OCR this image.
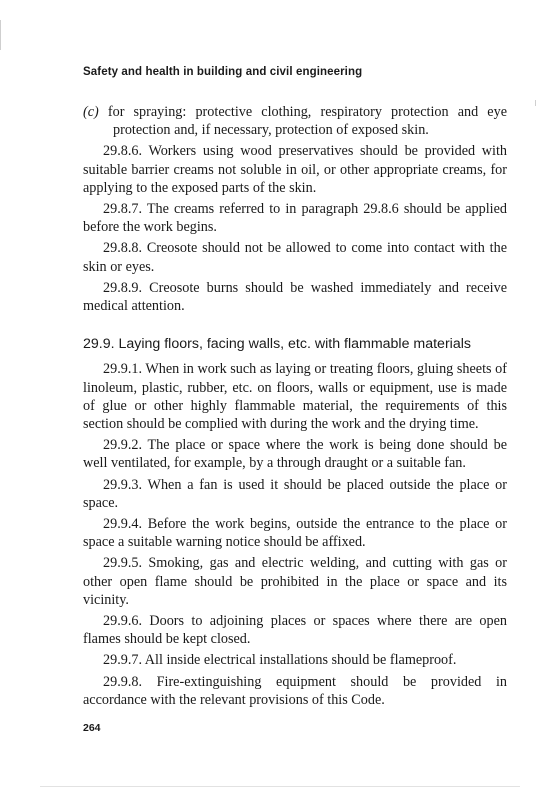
Safety and health in building and civil engineering

(c) for spraying: protective clothing, respiratory protection and eye protection and, if necessary, protection of exposed skin.

29.8.6. Workers using wood preservatives should be provided with suitable barrier creams not soluble in oil, or other appropriate creams, for applying to the exposed parts of the skin.

29.8.7. The creams referred to in paragraph 29.8.6 should be applied before the work begins.

29.8.8. Creosote should not be allowed to come into contact with the skin or eyes.

29.8.9. Creosote burns should be washed immediately and receive medical attention.

29.9. Laying floors, facing walls, etc. with flammable materials

29.9.1. When in work such as laying or treating floors, gluing sheets of linoleum, plastic, rubber, etc. on floors, walls or equipment, use is made of glue or other highly flammable material, the requirements of this section should be complied with during the work and the drying time.

29.9.2. The place or space where the work is being done should be well ventilated, for example, by a through draught or a suitable fan.

29.9.3. When a fan is used it should be placed outside the place or space.

29.9.4. Before the work begins, outside the entrance to the place or space a suitable warning notice should be affixed.

29.9.5. Smoking, gas and electric welding, and cutting with gas or other open flame should be prohibited in the place or space and its vicinity.

29.9.6. Doors to adjoining places or spaces where there are open flames should be kept closed.

29.9.7. All inside electrical installations should be flameproof.

29.9.8. Fire-extinguishing equipment should be provided in accordance with the relevant provisions of this Code.

264
